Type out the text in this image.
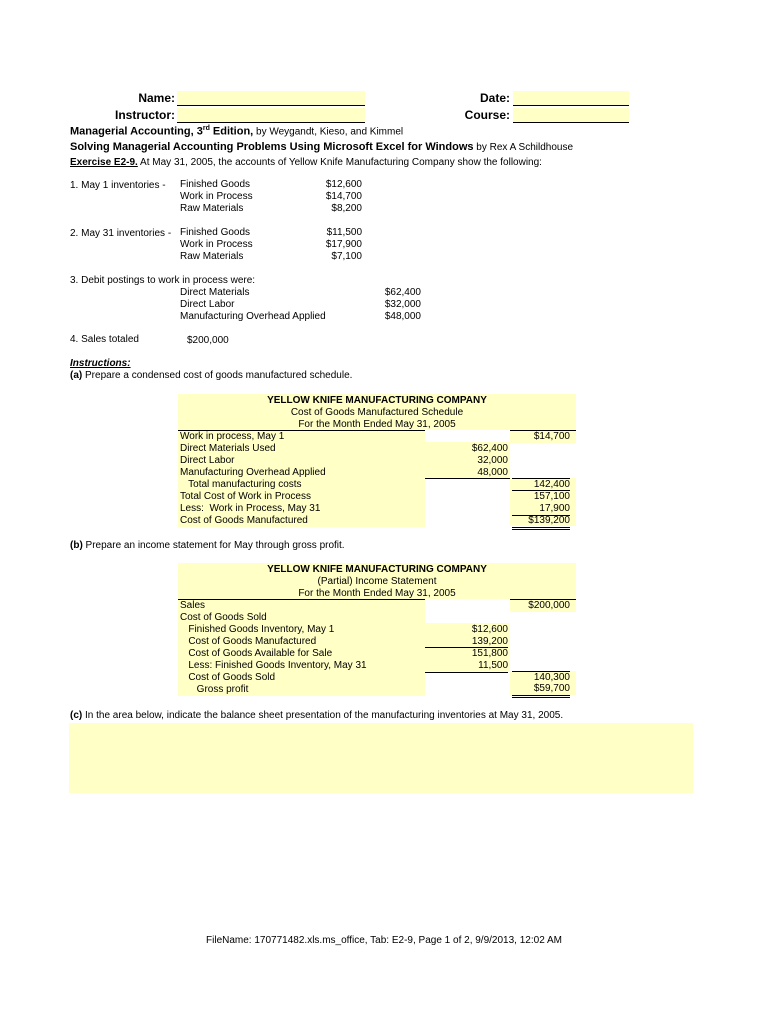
Name:
Instructor:
Date:
Course:
Managerial Accounting, 3rd Edition, by Weygandt, Kieso, and Kimmel
Solving Managerial Accounting Problems Using Microsoft Excel for Windows by Rex A Schildhouse
Exercise E2-9. At May 31, 2005, the accounts of Yellow Knife Manufacturing Company show the following:
1. May 1 inventories - Finished Goods	$12,600
Work in Process	$14,700
Raw Materials	$8,200
2. May 31 inventories - Finished Goods	$11,500
Work in Process	$17,900
Raw Materials	$7,100
3. Debit postings to work in process were:
Direct Materials	$62,400
Direct Labor	$32,000
Manufacturing Overhead Applied	$48,000
4. Sales totaled	$200,000
Instructions:
(a) Prepare a condensed cost of goods manufactured schedule.
YELLOW KNIFE MANUFACTURING COMPANY
Cost of Goods Manufactured Schedule
For the Month Ended May 31, 2005
Work in process, May 1	$14,700
Direct Materials Used	$62,400
Direct Labor	32,000
Manufacturing Overhead Applied	48,000
Total manufacturing costs	142,400
Total Cost of Work in Process	157,100
Less:  Work in Process, May 31	17,900
Cost of Goods Manufactured	$139,200
(b) Prepare an income statement for May through gross profit.
YELLOW KNIFE MANUFACTURING COMPANY
(Partial) Income Statement
For the Month Ended May 31, 2005
Sales	$200,000
Cost of Goods Sold
Finished Goods Inventory, May 1	$12,600
Cost of Goods Manufactured	139,200
Cost of Goods Available for Sale	151,800
Less: Finished Goods Inventory, May 31	11,500
Cost of Goods Sold	140,300
Gross profit	$59,700
(c) In the area below, indicate the balance sheet presentation of the manufacturing inventories at May 31, 2005.
FileName: 170771482.xls.ms_office, Tab: E2-9, Page 1 of 2, 9/9/2013, 12:02 AM
